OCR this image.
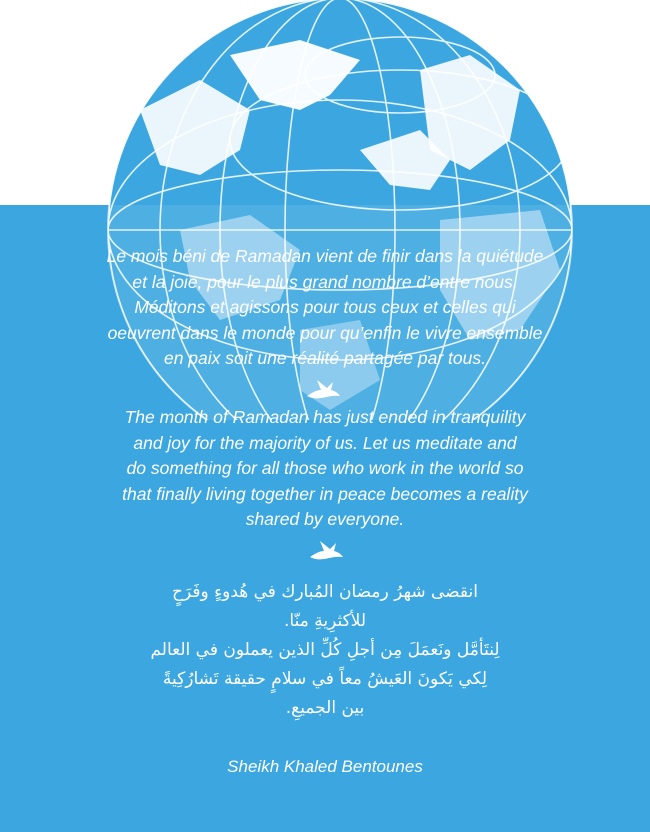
Le mois béni de Ramadan vient de finir dans la quiétude
et la joie, pour le plus grand nombre d’entre nous.
Méditons et agissons pour tous ceux et celles qui
oeuvrent dans le monde pour qu’enfin le vivre ensemble
en paix soit une réalité partagée par tous.
The month of Ramadan has just ended in tranquility
and joy for the majority of us. Let us meditate and
do something for all those who work in the world so
that finally living together in peace becomes a reality
shared by everyone.
انقضى شهرُ رمضان المُبارك في هُدوءٍ وفَرَحٍ
للأكثرِيةِ منّا.
لِنتَأمَّل ونَعمَلَ مِن أجلِ كُلِّ الذين يعملون في العالم
لِكي يَكونَ العَيشُ معاً في سلامٍ حقيقة تَشارُكِيةً
بين الجميعِ.
Sheikh Khaled Bentounes
